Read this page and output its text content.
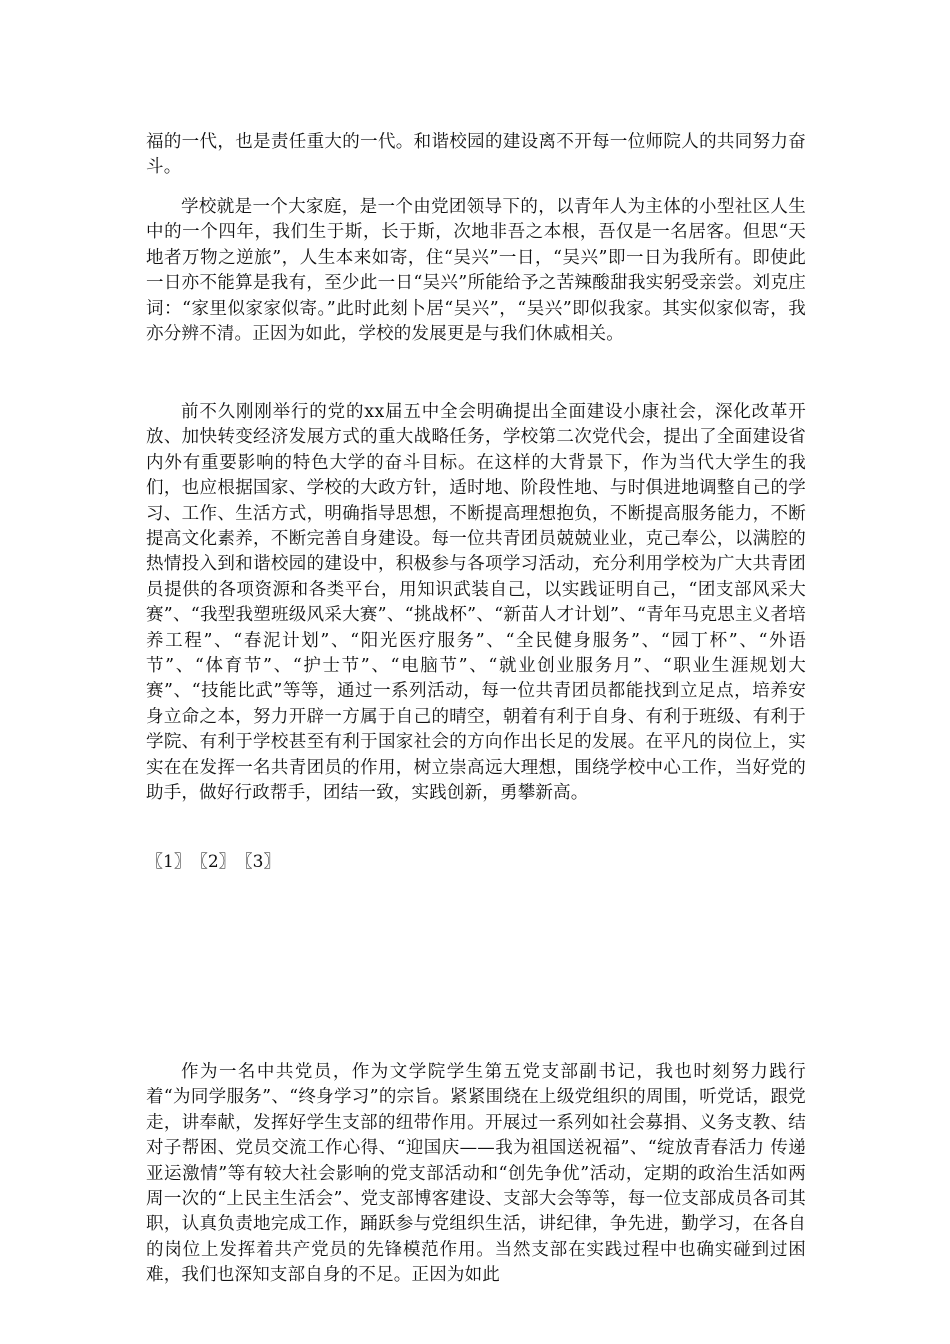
福的一代，也是责任重大的一代。和谐校园的建设离不开每一位师院人的共同努力奋斗。

学校就是一个大家庭，是一个由党团领导下的，以青年人为主体的小型社区人生中的一个四年，我们生于斯，长于斯，次地非吾之本根，吾仅是一名居客。但思“天地者万物之逆旅”，人生本来如寄，住“吴兴”一日，“吴兴”即一日为我所有。即使此一日亦不能算是我有，至少此一日“吴兴”所能给予之苦辣酸甜我实躬受亲尝。刘克庄词：“家里似家家似寄。”此时此刻卜居“吴兴”，“吴兴”即似我家。其实似家似寄，我亦分辨不清。正因为如此，学校的发展更是与我们休戚相关。

前不久刚刚举行的党的xx届五中全会明确提出全面建设小康社会，深化改革开放、加快转变经济发展方式的重大战略任务，学校第二次党代会，提出了全面建设省内外有重要影响的特色大学的奋斗目标。在这样的大背景下，作为当代大学生的我们，也应根据国家、学校的大政方针，适时地、阶段性地、与时俱进地调整自己的学习、工作、生活方式，明确指导思想，不断提高理想抱负，不断提高服务能力，不断提高文化素养，不断完善自身建设。每一位共青团员兢兢业业，克己奉公，以满腔的热情投入到和谐校园的建设中，积极参与各项学习活动，充分利用学校为广大共青团员提供的各项资源和各类平台，用知识武装自己，以实践证明自己，“团支部风采大赛”、“我型我塑班级风采大赛”、“挑战杯”、“新苗人才计划”、“青年马克思主义者培养工程”、“春泥计划”、“阳光医疗服务”、“全民健身服务”、“园丁杯”、“外语节”、“体育节”、“护士节”、“电脑节”、“就业创业服务月”、“职业生涯规划大赛”、“技能比武”等等，通过一系列活动，每一位共青团员都能找到立足点，培养安身立命之本，努力开辟一方属于自己的晴空，朝着有利于自身、有利于班级、有利于学院、有利于学校甚至有利于国家社会的方向作出长足的发展。在平凡的岗位上，实实在在发挥一名共青团员的作用，树立崇高远大理想，围绕学校中心工作，当好党的助手，做好行政帮手，团结一致，实践创新，勇攀新高。

〖1〗 〖2〗 〖3〗

作为一名中共党员，作为文学院学生第五党支部副书记，我也时刻努力践行着“为同学服务”、“终身学习”的宗旨。紧紧围绕在上级党组织的周围，听党话，跟党走，讲奉献，发挥好学生支部的纽带作用。开展过一系列如社会募捐、义务支教、结对子帮困、党员交流工作心得、“迎国庆——我为祖国送祝福”、“绽放青春活力 传递亚运激情”等有较大社会影响的党支部活动和“创先争优”活动，定期的政治生活如两周一次的“上民主生活会”、党支部博客建设、支部大会等等，每一位支部成员各司其职，认真负责地完成工作，踊跃参与党组织生活，讲纪律，争先进，勤学习，在各自的岗位上发挥着共产党员的先锋模范作用。当然支部在实践过程中也确实碰到过困难，我们也深知支部自身的不足。正因为如此
